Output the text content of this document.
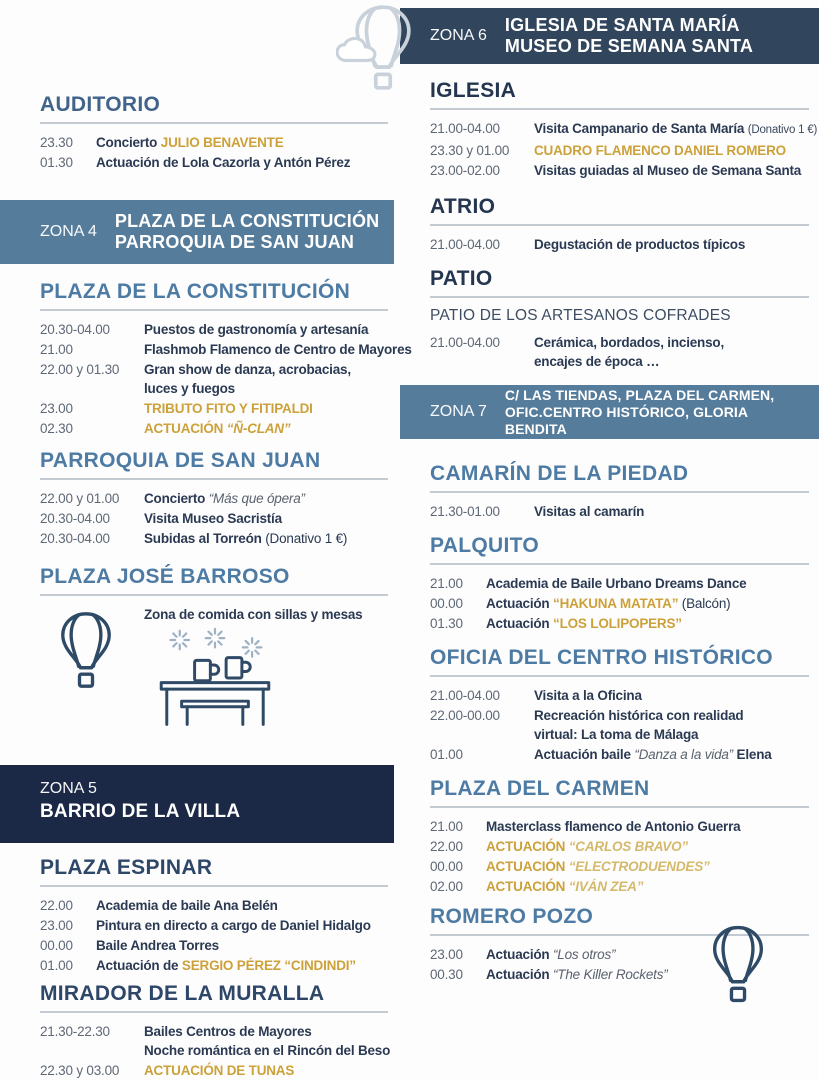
AUDITORIO
23.30	Concierto JULIO BENAVENTE
01.30	Actuación de Lola Cazorla y Antón Pérez
ZONA 4
PLAZA DE LA CONSTITUCIÓN
PARROQUIA DE SAN JUAN
PLAZA DE LA CONSTITUCIÓN
20.30-04.00	Puestos de gastronomía y artesanía
21.00	Flashmob Flamenco de Centro de Mayores
22.00 y 01.30	Gran show de danza, acrobacias,
luces y fuegos
23.00	TRIBUTO FITO Y FITIPALDI
02.30	ACTUACIÓN “Ñ-CLAN”
PARROQUIA DE SAN JUAN
22.00 y 01.00	Concierto “Más que ópera”
20.30-04.00	Visita Museo Sacristía
20.30-04.00	Subidas al Torreón (Donativo 1 €)
PLAZA JOSÉ BARROSO
Zona de comida con sillas y mesas
ZONA 5
BARRIO DE LA VILLA
PLAZA ESPINAR
22.00	Academia de baile Ana Belén
23.00	Pintura en directo a cargo de Daniel Hidalgo
00.00	Baile Andrea Torres
01.00	Actuación de SERGIO PÉREZ “CINDINDI”
MIRADOR DE LA MURALLA
21.30-22.30	Bailes Centros de Mayores
Noche romántica en el Rincón del Beso
22.30 y 03.00	ACTUACIÓN DE TUNAS
ZONA 6
IGLESIA DE SANTA MARÍA
MUSEO DE SEMANA SANTA
IGLESIA
21.00-04.00	Visita Campanario de Santa María (Donativo 1 €)
23.30 y 01.00	CUADRO FLAMENCO DANIEL ROMERO
23.00-02.00	Visitas guiadas al Museo de Semana Santa
ATRIO
21.00-04.00	Degustación de productos típicos
PATIO
PATIO DE LOS ARTESANOS COFRADES
21.00-04.00	Cerámica, bordados, incienso,
encajes de época …
ZONA 7
C/ LAS TIENDAS, PLAZA DEL CARMEN,
OFIC.CENTRO HISTÓRICO, GLORIA BENDITA
CAMARÍN DE LA PIEDAD
21.30-01.00	Visitas al camarín
PALQUITO
21.00	Academia de Baile Urbano Dreams Dance
00.00	Actuación “HAKUNA MATATA” (Balcón)
01.30	Actuación “LOS LOLIPOPERS”
OFICIA DEL CENTRO HISTÓRICO
21.00-04.00	Visita a la Oficina
22.00-00.00	Recreación histórica con realidad
virtual: La toma de Málaga
01.00	Actuación baile “Danza a la vida” Elena
PLAZA DEL CARMEN
21.00	Masterclass flamenco de Antonio Guerra
22.00	ACTUACIÓN “CARLOS BRAVO”
00.00	ACTUACIÓN “ELECTRODUENDES”
02.00	ACTUACIÓN “IVÁN ZEA”
ROMERO POZO
23.00	Actuación “Los otros”
00.30	Actuación “The Killer Rockets”
